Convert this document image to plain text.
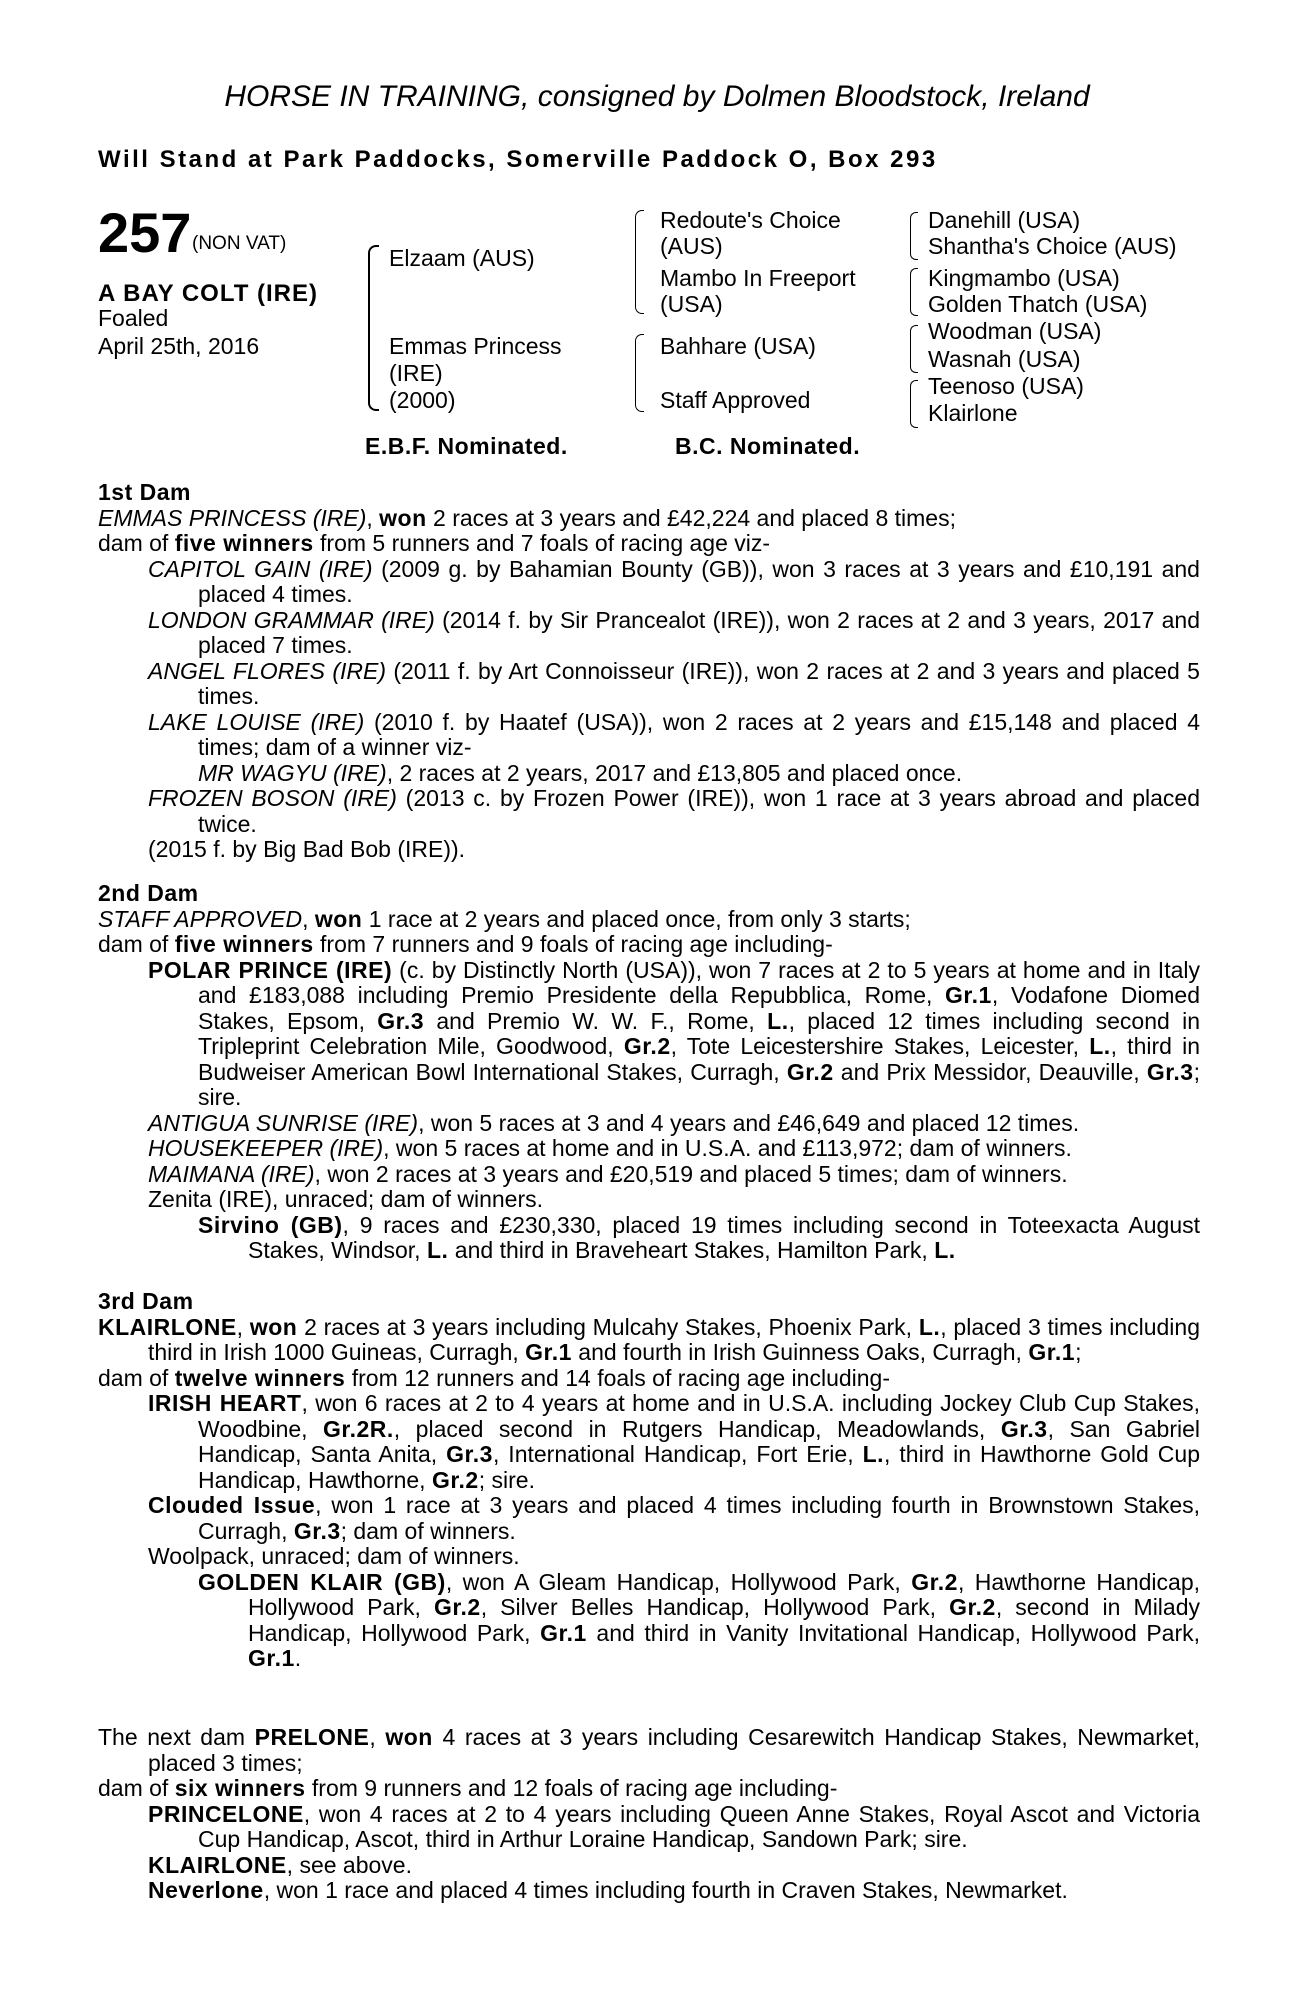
HORSE IN TRAINING, consigned by Dolmen Bloodstock, Ireland
Will Stand at Park Paddocks, Somerville Paddock O, Box 293
257 (NON VAT)
A BAY COLT (IRE)
Foaled
April 25th, 2016
Elzaam (AUS)
Emmas Princess
(IRE)
(2000)
Redoute's Choice
(AUS)
Mambo In Freeport
(USA)
Bahhare (USA)
Staff Approved
Danehill (USA)
Shantha's Choice (AUS)
Kingmambo (USA)
Golden Thatch (USA)
Woodman (USA)
Wasnah (USA)
Teenoso (USA)
Klairlone
E.B.F. Nominated.	B.C. Nominated.

1st Dam

EMMAS PRINCESS (IRE), won 2 races at 3 years and £42,224 and placed 8 times;

dam of five winners from 5 runners and 7 foals of racing age viz-

CAPITOL GAIN (IRE) (2009 g. by Bahamian Bounty (GB)), won 3 races at 3 years and £10,191 and placed 4 times.

LONDON GRAMMAR (IRE) (2014 f. by Sir Prancealot (IRE)), won 2 races at 2 and 3 years, 2017 and placed 7 times.

ANGEL FLORES (IRE) (2011 f. by Art Connoisseur (IRE)), won 2 races at 2 and 3 years and placed 5 times.

LAKE LOUISE (IRE) (2010 f. by Haatef (USA)), won 2 races at 2 years and £15,148 and placed 4 times; dam of a winner viz-

MR WAGYU (IRE), 2 races at 2 years, 2017 and £13,805 and placed once.

FROZEN BOSON (IRE) (2013 c. by Frozen Power (IRE)), won 1 race at 3 years abroad and placed twice.

(2015 f. by Big Bad Bob (IRE)).

2nd Dam

STAFF APPROVED, won 1 race at 2 years and placed once, from only 3 starts;

dam of five winners from 7 runners and 9 foals of racing age including-

POLAR PRINCE (IRE) (c. by Distinctly North (USA)), won 7 races at 2 to 5 years at home and in Italy and £183,088 including Premio Presidente della Repubblica, Rome, Gr.1, Vodafone Diomed Stakes, Epsom, Gr.3 and Premio W. W. F., Rome, L., placed 12 times including second in Tripleprint Celebration Mile, Goodwood, Gr.2, Tote Leicestershire Stakes, Leicester, L., third in Budweiser American Bowl International Stakes, Curragh, Gr.2 and Prix Messidor, Deauville, Gr.3; sire.

ANTIGUA SUNRISE (IRE), won 5 races at 3 and 4 years and £46,649 and placed 12 times.

HOUSEKEEPER (IRE), won 5 races at home and in U.S.A. and £113,972; dam of winners.

MAIMANA (IRE), won 2 races at 3 years and £20,519 and placed 5 times; dam of winners.

Zenita (IRE), unraced; dam of winners.

Sirvino (GB), 9 races and £230,330, placed 19 times including second in Toteexacta August Stakes, Windsor, L. and third in Braveheart Stakes, Hamilton Park, L.

3rd Dam

KLAIRLONE, won 2 races at 3 years including Mulcahy Stakes, Phoenix Park, L., placed 3 times including third in Irish 1000 Guineas, Curragh, Gr.1 and fourth in Irish Guinness Oaks, Curragh, Gr.1;

dam of twelve winners from 12 runners and 14 foals of racing age including-

IRISH HEART, won 6 races at 2 to 4 years at home and in U.S.A. including Jockey Club Cup Stakes, Woodbine, Gr.2R., placed second in Rutgers Handicap, Meadowlands, Gr.3, San Gabriel Handicap, Santa Anita, Gr.3, International Handicap, Fort Erie, L., third in Hawthorne Gold Cup Handicap, Hawthorne, Gr.2; sire.

Clouded Issue, won 1 race at 3 years and placed 4 times including fourth in Brownstown Stakes, Curragh, Gr.3; dam of winners.

Woolpack, unraced; dam of winners.

GOLDEN KLAIR (GB), won A Gleam Handicap, Hollywood Park, Gr.2, Hawthorne Handicap, Hollywood Park, Gr.2, Silver Belles Handicap, Hollywood Park, Gr.2, second in Milady Handicap, Hollywood Park, Gr.1 and third in Vanity Invitational Handicap, Hollywood Park, Gr.1.

The next dam PRELONE, won 4 races at 3 years including Cesarewitch Handicap Stakes, Newmarket, placed 3 times;

dam of six winners from 9 runners and 12 foals of racing age including-

PRINCELONE, won 4 races at 2 to 4 years including Queen Anne Stakes, Royal Ascot and Victoria Cup Handicap, Ascot, third in Arthur Loraine Handicap, Sandown Park; sire.

KLAIRLONE, see above.

Neverlone, won 1 race and placed 4 times including fourth in Craven Stakes, Newmarket.
